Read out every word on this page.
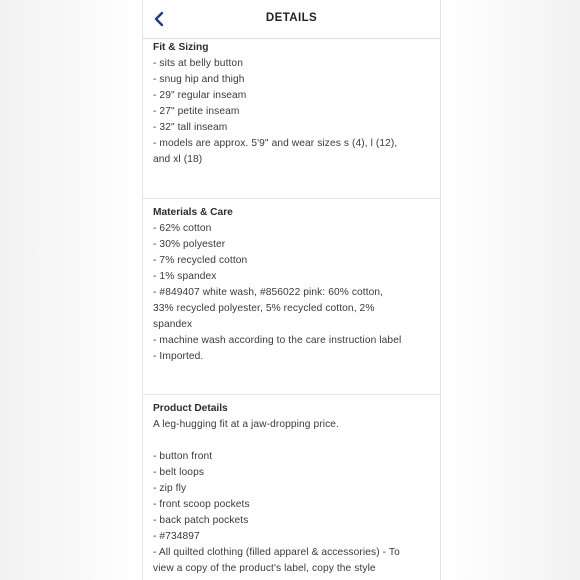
DETAILS
Fit & Sizing
- sits at belly button
- snug hip and thigh
- 29" regular inseam
- 27" petite inseam
- 32" tall inseam
- models are approx. 5'9" and wear sizes s (4), l (12),
and xl (18)
Materials & Care
- 62% cotton
- 30% polyester
- 7% recycled cotton
- 1% spandex
- #849407 white wash, #856022 pink: 60% cotton,
33% recycled polyester, 5% recycled cotton, 2%
spandex
- machine wash according to the care instruction label
- Imported.
Product Details
A leg-hugging fit at a jaw-dropping price.
- button front
- belt loops
- zip fly
- front scoop pockets
- back patch pockets
- #734897
- All quilted clothing (filled apparel & accessories) - To
view a copy of the product's label, copy the style
